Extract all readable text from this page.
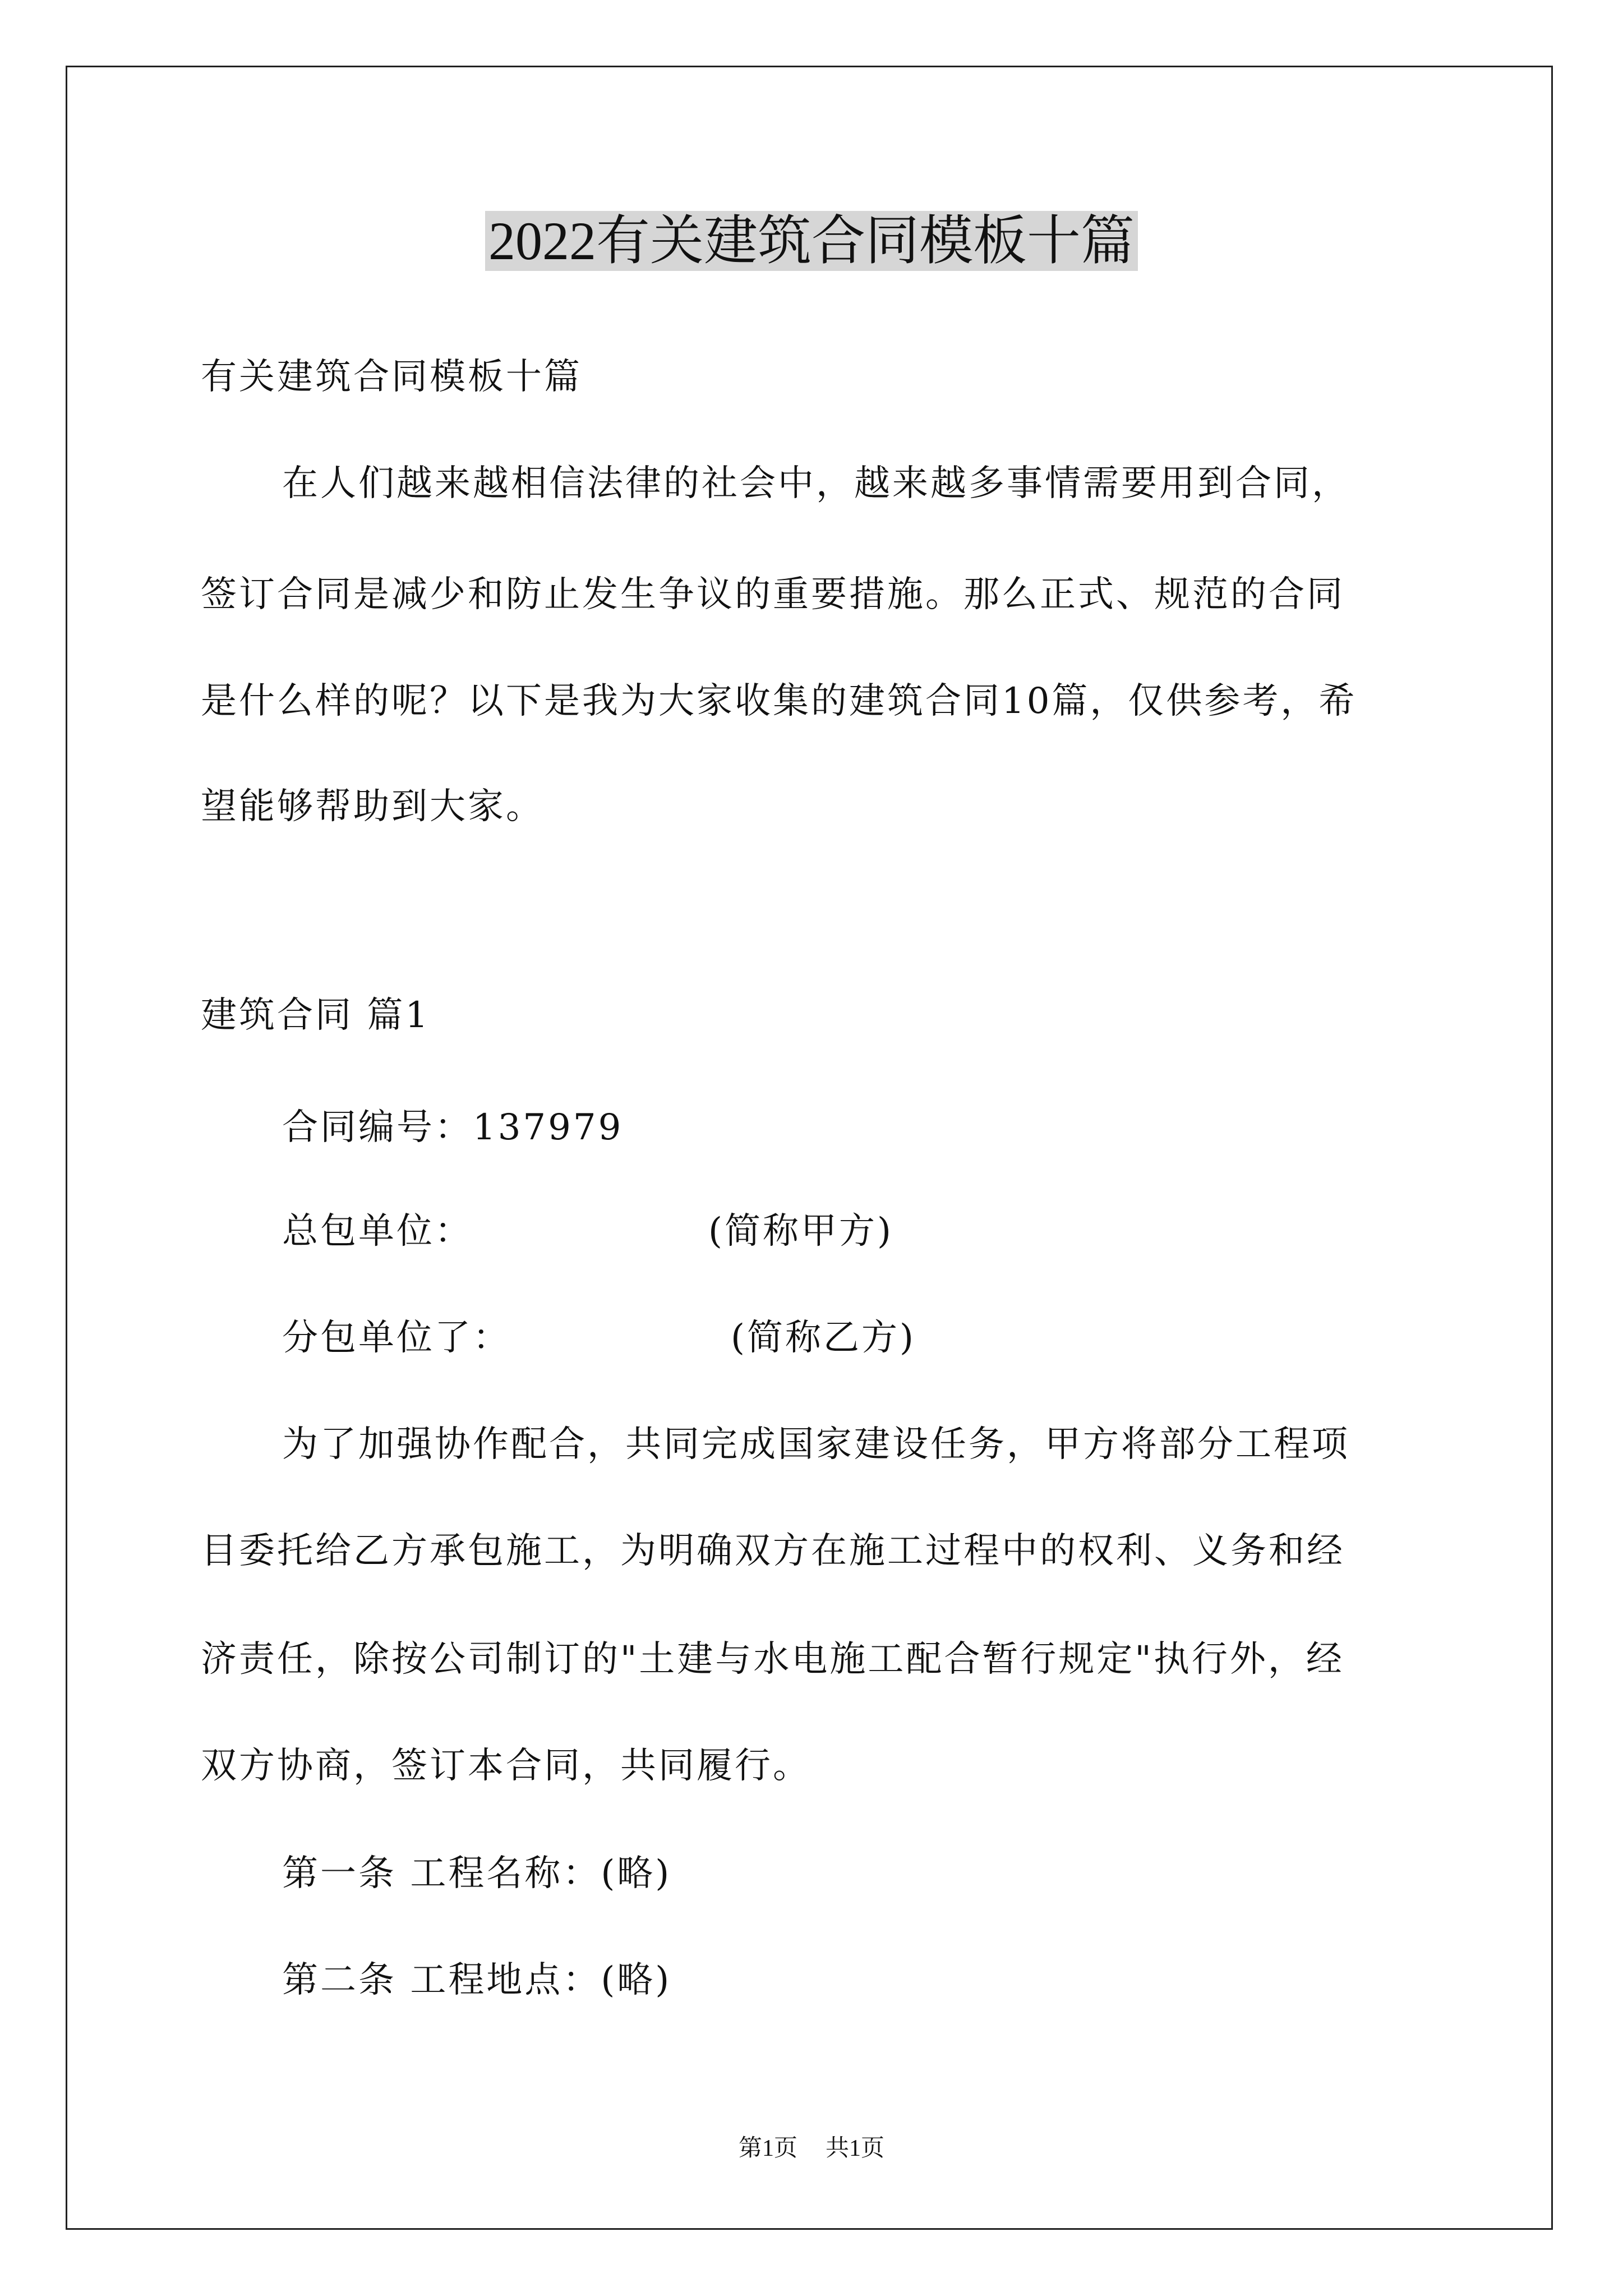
2022有关建筑合同模板十篇
有关建筑合同模板十篇
在人们越来越相信法律的社会中，越来越多事情需要用到合同，
签订合同是减少和防止发生争议的重要措施。那么正式、规范的合同
是什么样的呢？以下是我为大家收集的建筑合同10篇，仅供参考，希
望能够帮助到大家。
建筑合同 篇1
合同编号：137979
总包单位：	(简称甲方)
分包单位了：	(简称乙方)
为了加强协作配合，共同完成国家建设任务，甲方将部分工程项
目委托给乙方承包施工，为明确双方在施工过程中的权利、义务和经
济责任，除按公司制订的"土建与水电施工配合暂行规定"执行外，经
双方协商，签订本合同，共同履行。
第一条 工程名称：(略)
第二条 工程地点：(略)
第1页 共1页
